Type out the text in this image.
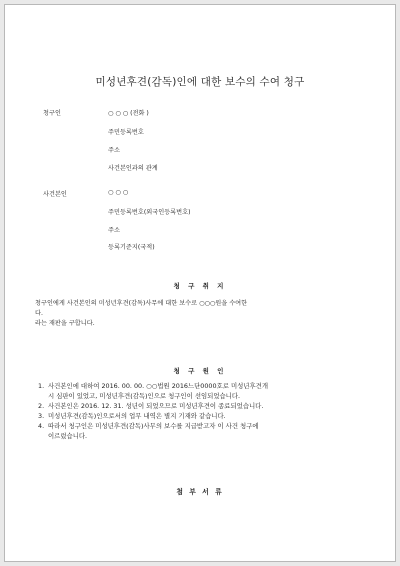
미성년후견(감독)인에 대한 보수의 수여 청구
청구인	○ ○ ○ (전화 )
주민등록번호
주소
사건본인과의 관계
사건본인	○ ○ ○
주민등록번호(외국인등록번호)
주소
등록기준지(국적)
청 구 취 지
청구인에게 사건본인의 미성년후견(감독)사무에 대한 보수로 ○○○원을 수여한
다.
라는 재판을 구합니다.
청 구 원 인
1. 사건본인에 대하여 2016. 00. 00. ○○법원 2016느단0000호로 미성년후견개
시 심판이 있었고, 미성년후견(감독)인으로 청구인이 선임되었습니다.
2. 사건본인은 2016. 12. 31. 성년이 되었으므로 미성년후견이 종료되었습니다.
3. 미성년후견(감독)인으로서의 업무 내역은 별지 기재와 같습니다.
4. 따라서 청구인은 미성년후견(감독)사무의 보수를 지급받고자 이 사건 청구에
이르렀습니다.
첨 부 서 류
